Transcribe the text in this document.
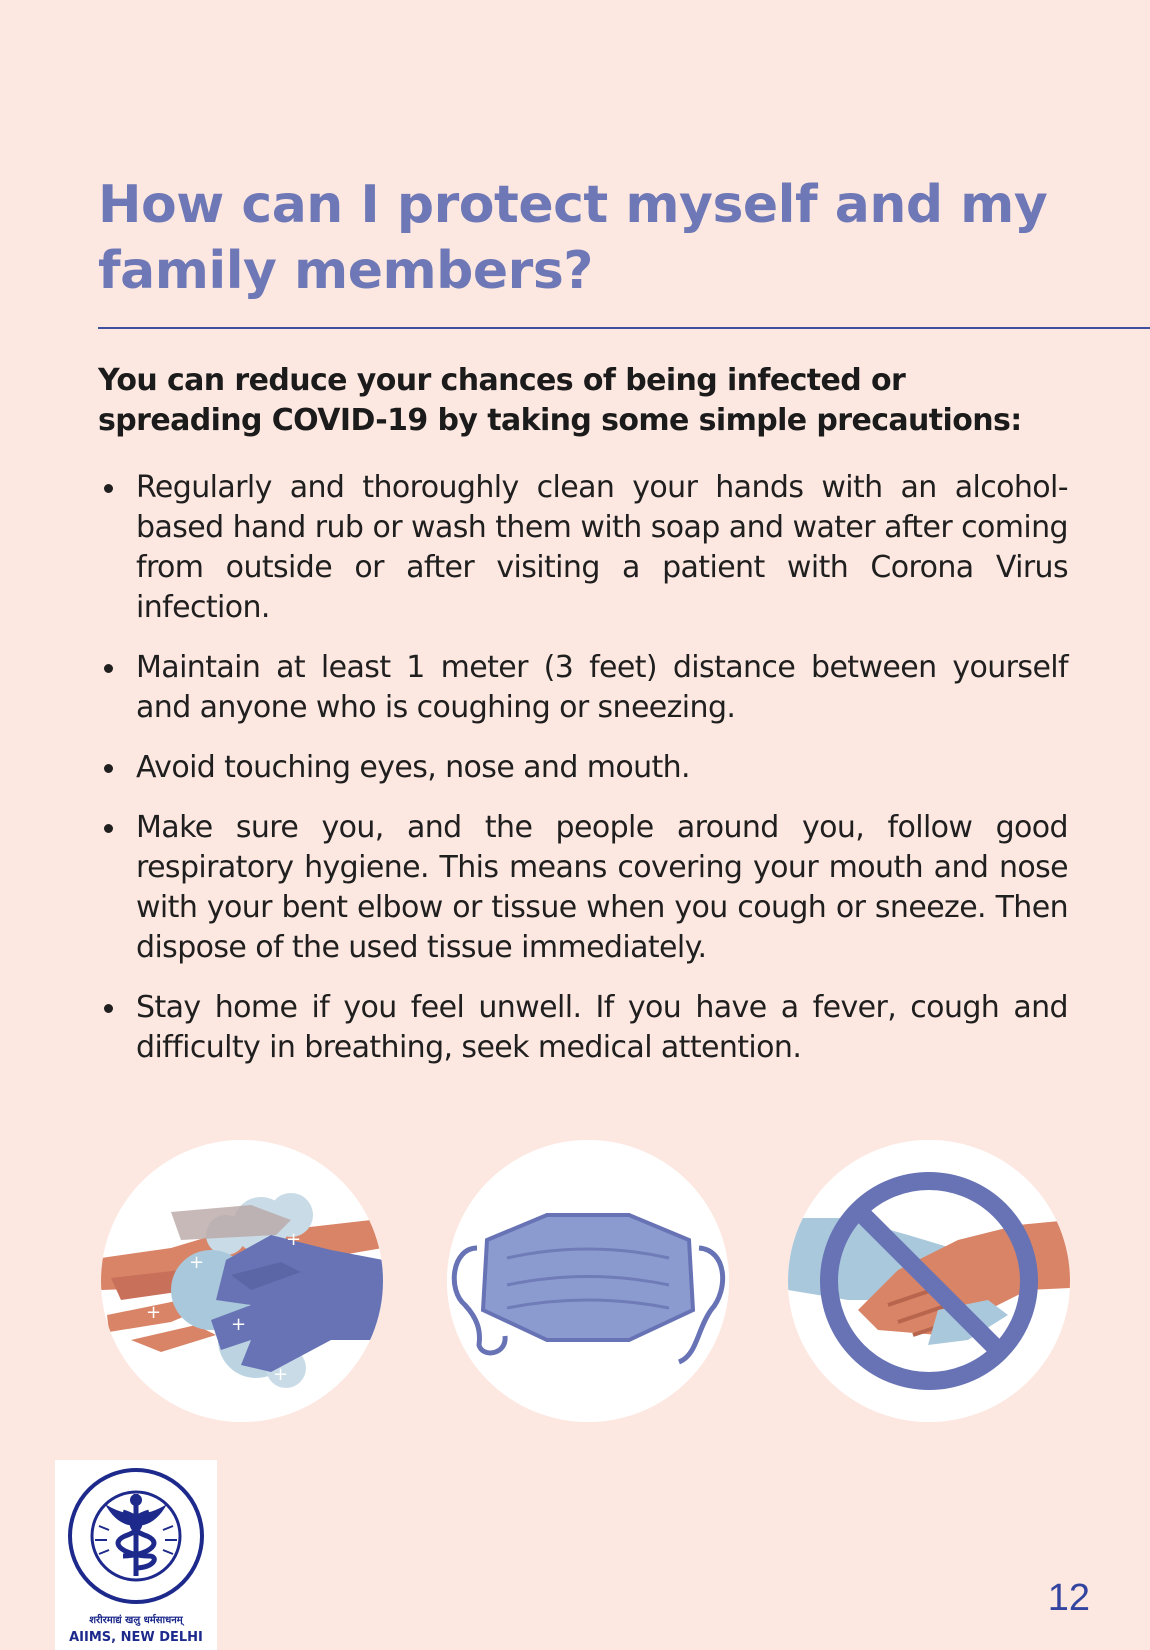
How can I protect myself and my family members?

You can reduce your chances of being infected or spreading COVID-19 by taking some simple precautions:

Regularly and thoroughly clean your hands with an alcohol-based hand rub or wash them with soap and water after coming from outside or after visiting a patient with Corona Virus infection.
Maintain at least 1 meter (3 feet) distance between yourself and anyone who is coughing or sneezing.
Avoid touching eyes, nose and mouth.
Make sure you, and the people around you, follow good respiratory hygiene. This means covering your mouth and nose with your bent elbow or tissue when you cough or sneeze. Then dispose of the used tissue immediately.
Stay home if you feel unwell. If you have a fever, cough and difficulty in breathing, seek medical attention.
+
+
+
+
+
+
शरीरमाद्यं खलु धर्मसाधनम्
AIIMS, NEW DELHI
12
